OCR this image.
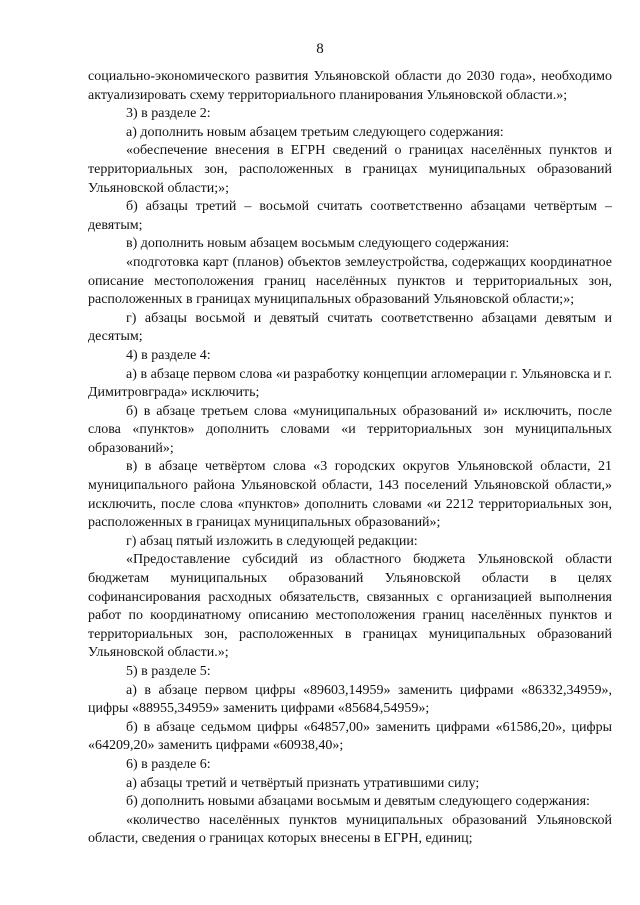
8

социально-экономического развития Ульяновской области до 2030 года», необходимо актуализировать схему территориального планирования Ульяновской области.»;

3) в разделе 2:

а) дополнить новым абзацем третьим следующего содержания:

«обеспечение внесения в ЕГРН сведений о границах населённых пунктов и территориальных зон, расположенных в границах муниципальных образований Ульяновской области;»;

б) абзацы третий – восьмой считать соответственно абзацами четвёртым – девятым;

в) дополнить новым абзацем восьмым следующего содержания:

«подготовка карт (планов) объектов землеустройства, содержащих координатное описание местоположения границ населённых пунктов и территориальных зон, расположенных в границах муниципальных образований Ульяновской области;»;

г) абзацы восьмой и девятый считать соответственно абзацами девятым и десятым;

4) в разделе 4:

а) в абзаце первом слова «и разработку концепции агломерации г. Ульяновска и г. Димитровграда» исключить;

б) в абзаце третьем слова «муниципальных образований и» исключить, после слова «пунктов» дополнить словами «и территориальных зон муниципальных образований»;

в) в абзаце четвёртом слова «3 городских округов Ульяновской области, 21 муниципального района Ульяновской области, 143 поселений Ульяновской области,» исключить, после слова «пунктов» дополнить словами «и 2212 территориальных зон, расположенных в границах муниципальных образований»;

г) абзац пятый изложить в следующей редакции:

«Предоставление субсидий из областного бюджета Ульяновской области бюджетам муниципальных образований Ульяновской области в целях софинансирования расходных обязательств, связанных с организацией выполнения работ по координатному описанию местоположения границ населённых пунктов и территориальных зон, расположенных в границах муниципальных образований Ульяновской области.»;

5) в разделе 5:

а) в абзаце первом цифры «89603,14959» заменить цифрами «86332,34959», цифры «88955,34959» заменить цифрами «85684,54959»;

б) в абзаце седьмом цифры «64857,00» заменить цифрами «61586,20», цифры «64209,20» заменить цифрами «60938,40»;

6) в разделе 6:

а) абзацы третий и четвёртый признать утратившими силу;

б) дополнить новыми абзацами восьмым и девятым следующего содержания:

«количество населённых пунктов муниципальных образований Ульяновской области, сведения о границах которых внесены в ЕГРН, единиц;
